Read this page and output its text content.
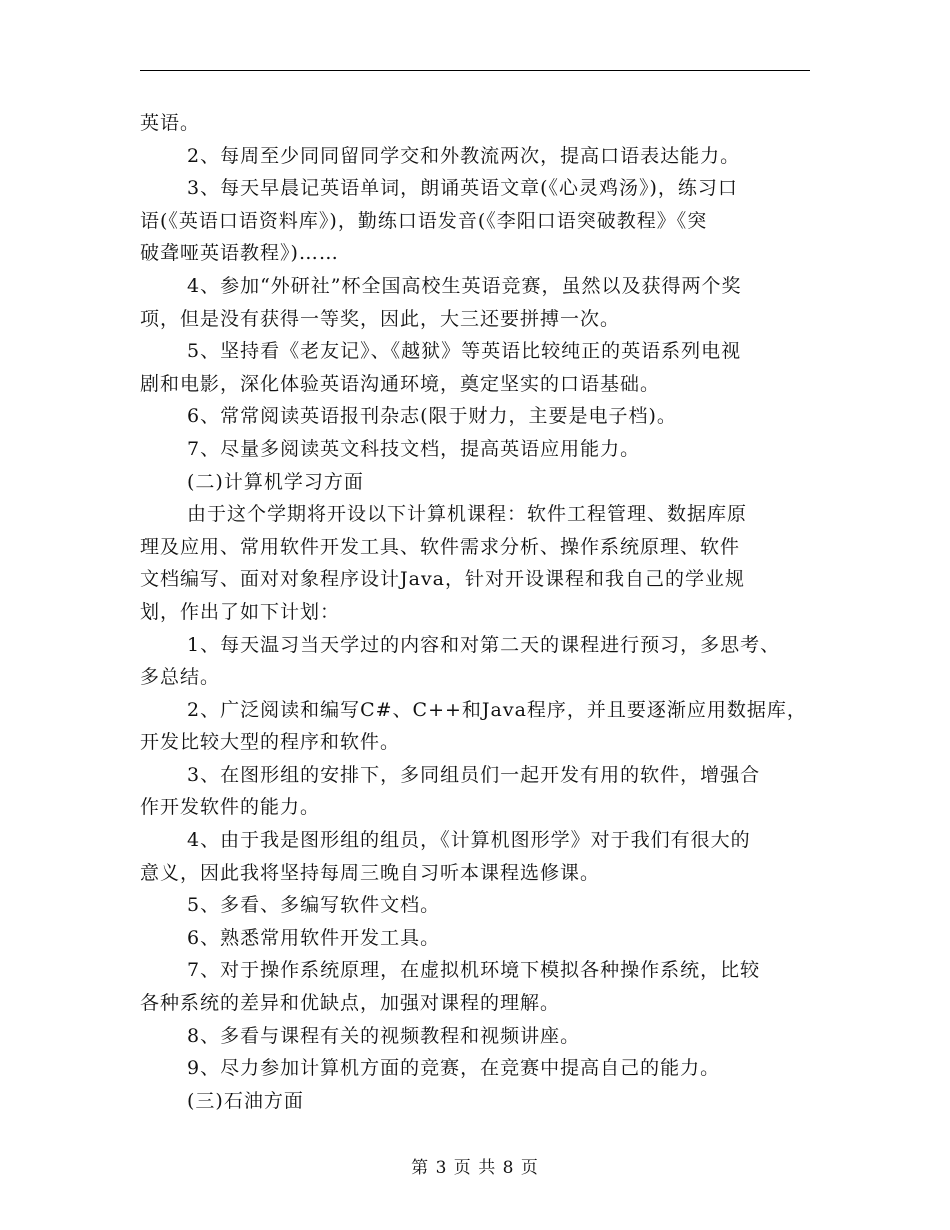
英语。
2、每周至少同同留同学交和外教流两次，提高口语表达能力。
3、每天早晨记英语单词，朗诵英语文章(《心灵鸡汤》)，练习口
语(《英语口语资料库》)，勤练口语发音(《李阳口语突破教程》《突
破聋哑英语教程》)……
4、参加“外研社”杯全国高校生英语竞赛，虽然以及获得两个奖
项，但是没有获得一等奖，因此，大三还要拼搏一次。
5、坚持看《老友记》、《越狱》等英语比较纯正的英语系列电视
剧和电影，深化体验英语沟通环境，奠定坚实的口语基础。
6、常常阅读英语报刊杂志(限于财力，主要是电子档)。
7、尽量多阅读英文科技文档，提高英语应用能力。
(二)计算机学习方面
由于这个学期将开设以下计算机课程：软件工程管理、数据库原
理及应用、常用软件开发工具、软件需求分析、操作系统原理、软件
文档编写、面对对象程序设计Java，针对开设课程和我自己的学业规
划，作出了如下计划：
1、每天温习当天学过的内容和对第二天的课程进行预习，多思考、
多总结。
2、广泛阅读和编写C#、C++和Java程序，并且要逐渐应用数据库，
开发比较大型的程序和软件。
3、在图形组的安排下，多同组员们一起开发有用的软件，增强合
作开发软件的能力。
4、由于我是图形组的组员，《计算机图形学》对于我们有很大的
意义，因此我将坚持每周三晚自习听本课程选修课。
5、多看、多编写软件文档。
6、熟悉常用软件开发工具。
7、对于操作系统原理，在虚拟机环境下模拟各种操作系统，比较
各种系统的差异和优缺点，加强对课程的理解。
8、多看与课程有关的视频教程和视频讲座。
9、尽力参加计算机方面的竞赛，在竞赛中提高自己的能力。
(三)石油方面
第 3 页 共 8 页
